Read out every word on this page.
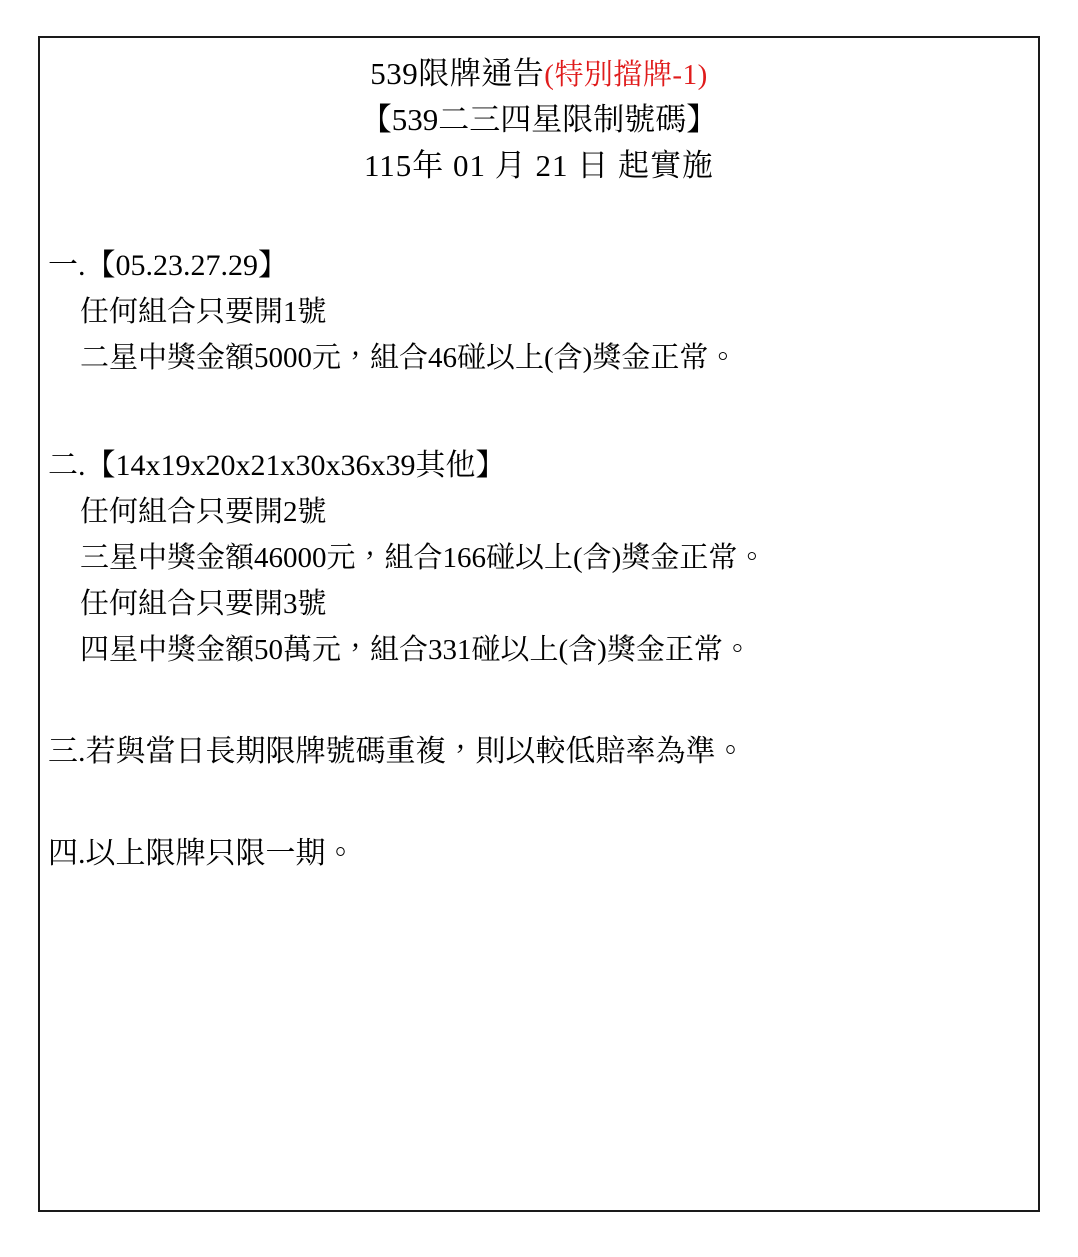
539限牌通告(特別擋牌-1)
【539二三四星限制號碼】
115年 01 月 21 日 起實施
一.【05.23.27.29】
任何組合只要開1號
二星中獎金額5000元，組合46碰以上(含)獎金正常。
二.【14x19x20x21x30x36x39其他】
任何組合只要開2號
三星中獎金額46000元，組合166碰以上(含)獎金正常。
任何組合只要開3號
四星中獎金額50萬元，組合331碰以上(含)獎金正常。
三.若與當日長期限牌號碼重複，則以較低賠率為準。
四.以上限牌只限一期。
